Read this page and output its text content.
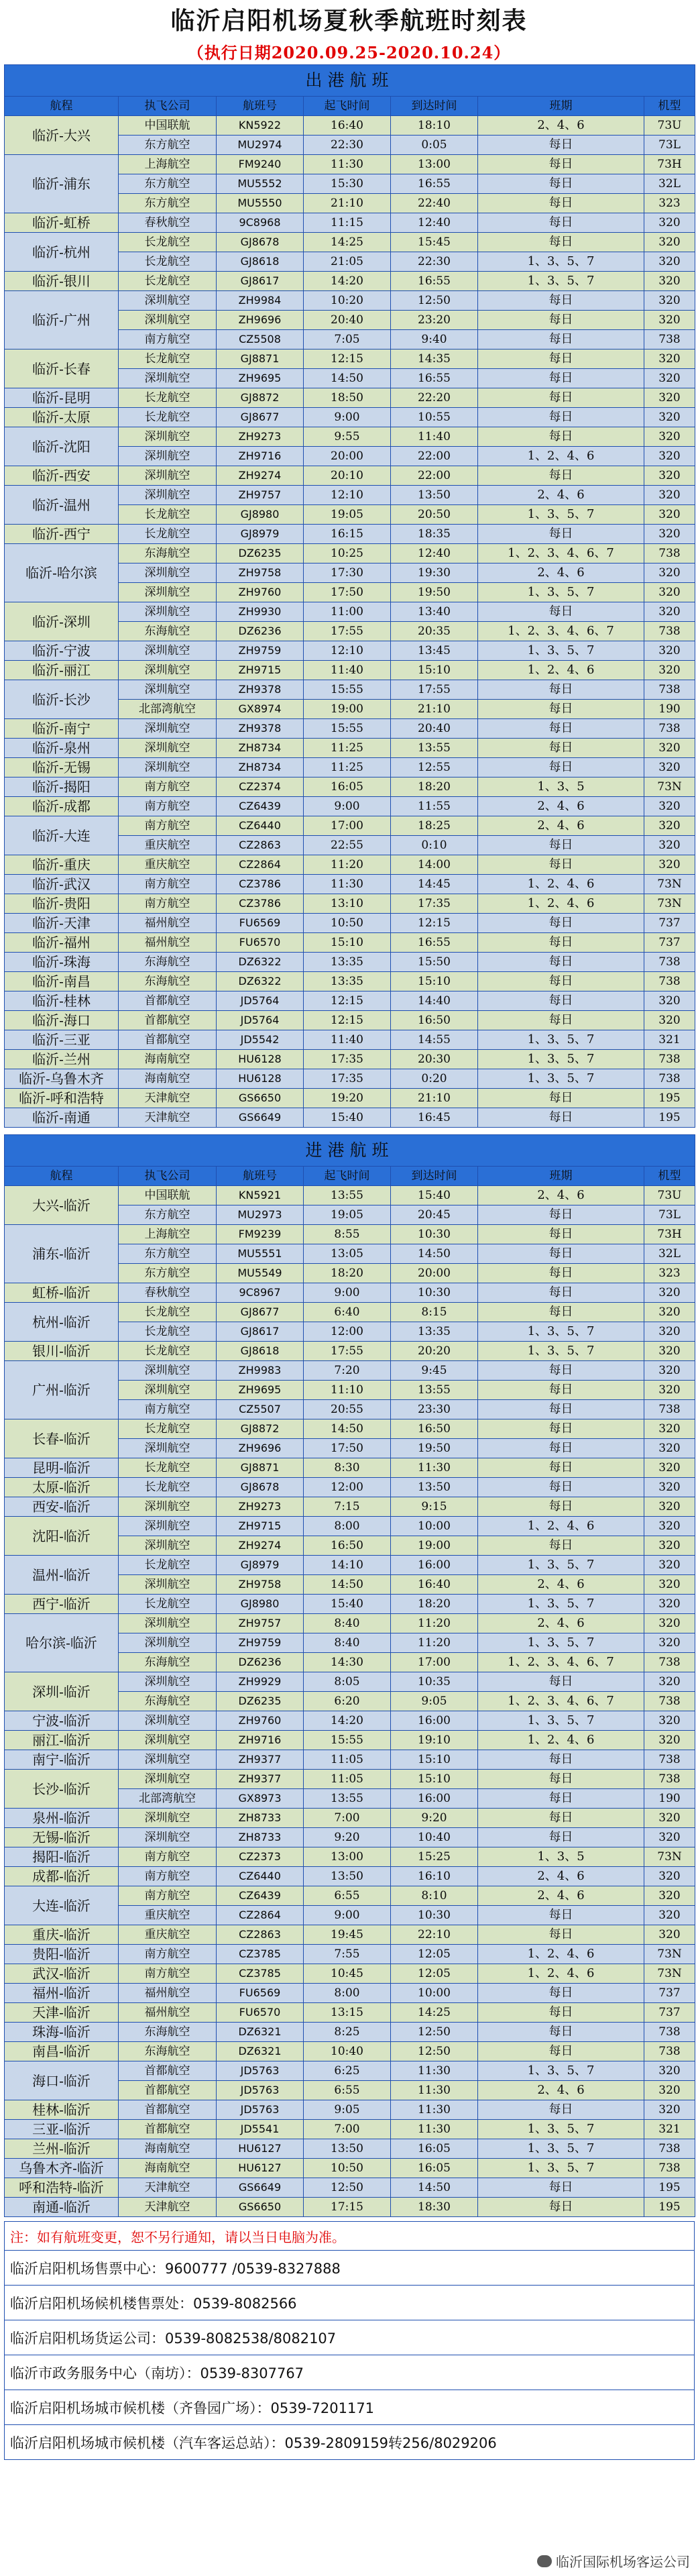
临沂启阳机场夏秋季航班时刻表
（执行日期2020.09.25-2020.10.24）
出港航班						
航程	执飞公司	航班号	起飞时间	到达时间	班期	机型
临沂-大兴	中国联航	KN5922	16:40	18:10	2、4、6	73U
	东方航空	MU2974	22:30	0:05	每日	73L
临沂-浦东	上海航空	FM9240	11:30	13:00	每日	73H
	东方航空	MU5552	15:30	16:55	每日	32L
	东方航空	MU5550	21:10	22:40	每日	323
临沂-虹桥	春秋航空	9C8968	11:15	12:40	每日	320
临沂-杭州	长龙航空	GJ8678	14:25	15:45	每日	320
	长龙航空	GJ8618	21:05	22:30	1、3、5、7	320
临沂-银川	长龙航空	GJ8617	14:20	16:55	1、3、5、7	320
临沂-广州	深圳航空	ZH9984	10:20	12:50	每日	320
	深圳航空	ZH9696	20:40	23:20	每日	320
	南方航空	CZ5508	7:05	9:40	每日	738
临沂-长春	长龙航空	GJ8871	12:15	14:35	每日	320
	深圳航空	ZH9695	14:50	16:55	每日	320
临沂-昆明	长龙航空	GJ8872	18:50	22:20	每日	320
临沂-太原	长龙航空	GJ8677	9:00	10:55	每日	320
临沂-沈阳	深圳航空	ZH9273	9:55	11:40	每日	320
	深圳航空	ZH9716	20:00	22:00	1、2、4、6	320
临沂-西安	深圳航空	ZH9274	20:10	22:00	每日	320
临沂-温州	深圳航空	ZH9757	12:10	13:50	2、4、6	320
	长龙航空	GJ8980	19:05	20:50	1、3、5、7	320
临沂-西宁	长龙航空	GJ8979	16:15	18:35	每日	320
临沂-哈尔滨	东海航空	DZ6235	10:25	12:40	1、2、3、4、6、7	738
	深圳航空	ZH9758	17:30	19:30	2、4、6	320
	深圳航空	ZH9760	17:50	19:50	1、3、5、7	320
临沂-深圳	深圳航空	ZH9930	11:00	13:40	每日	320
	东海航空	DZ6236	17:55	20:35	1、2、3、4、6、7	738
临沂-宁波	深圳航空	ZH9759	12:10	13:45	1、3、5、7	320
临沂-丽江	深圳航空	ZH9715	11:40	15:10	1、2、4、6	320
临沂-长沙	深圳航空	ZH9378	15:55	17:55	每日	738
	北部湾航空	GX8974	19:00	21:10	每日	190
临沂-南宁	深圳航空	ZH9378	15:55	20:40	每日	738
临沂-泉州	深圳航空	ZH8734	11:25	13:55	每日	320
临沂-无锡	深圳航空	ZH8734	11:25	12:55	每日	320
临沂-揭阳	南方航空	CZ2374	16:05	18:20	1、3、5	73N
临沂-成都	南方航空	CZ6439	9:00	11:55	2、4、6	320
临沂-大连	南方航空	CZ6440	17:00	18:25	2、4、6	320
	重庆航空	CZ2863	22:55	0:10	每日	320
临沂-重庆	重庆航空	CZ2864	11:20	14:00	每日	320
临沂-武汉	南方航空	CZ3786	11:30	14:45	1、2、4、6	73N
临沂-贵阳	南方航空	CZ3786	13:10	17:35	1、2、4、6	73N
临沂-天津	福州航空	FU6569	10:50	12:15	每日	737
临沂-福州	福州航空	FU6570	15:10	16:55	每日	737
临沂-珠海	东海航空	DZ6322	13:35	15:50	每日	738
临沂-南昌	东海航空	DZ6322	13:35	15:10	每日	738
临沂-桂林	首都航空	JD5764	12:15	14:40	每日	320
临沂-海口	首都航空	JD5764	12:15	16:50	每日	320
临沂-三亚	首都航空	JD5542	11:40	14:55	1、3、5、7	321
临沂-兰州	海南航空	HU6128	17:35	20:30	1、3、5、7	738
临沂-乌鲁木齐	海南航空	HU6128	17:35	0:20	1、3、5、7	738
临沂-呼和浩特	天津航空	GS6650	19:20	21:10	每日	195
临沂-南通	天津航空	GS6649	15:40	16:45	每日	195
进港航班						
航程	执飞公司	航班号	起飞时间	到达时间	班期	机型
大兴-临沂	中国联航	KN5921	13:55	15:40	2、4、6	73U
	东方航空	MU2973	19:05	20:45	每日	73L
浦东-临沂	上海航空	FM9239	8:55	10:30	每日	73H
	东方航空	MU5551	13:05	14:50	每日	32L
	东方航空	MU5549	18:20	20:00	每日	323
虹桥-临沂	春秋航空	9C8967	9:00	10:30	每日	320
杭州-临沂	长龙航空	GJ8677	6:40	8:15	每日	320
	长龙航空	GJ8617	12:00	13:35	1、3、5、7	320
银川-临沂	长龙航空	GJ8618	17:55	20:20	1、3、5、7	320
广州-临沂	深圳航空	ZH9983	7:20	9:45	每日	320
	深圳航空	ZH9695	11:10	13:55	每日	320
	南方航空	CZ5507	20:55	23:30	每日	738
长春-临沂	长龙航空	GJ8872	14:50	16:50	每日	320
	深圳航空	ZH9696	17:50	19:50	每日	320
昆明-临沂	长龙航空	GJ8871	8:30	11:30	每日	320
太原-临沂	长龙航空	GJ8678	12:00	13:50	每日	320
西安-临沂	深圳航空	ZH9273	7:15	9:15	每日	320
沈阳-临沂	深圳航空	ZH9715	8:00	10:00	1、2、4、6	320
	深圳航空	ZH9274	16:50	19:00	每日	320
温州-临沂	长龙航空	GJ8979	14:10	16:00	1、3、5、7	320
	深圳航空	ZH9758	14:50	16:40	2、4、6	320
西宁-临沂	长龙航空	GJ8980	15:40	18:20	1、3、5、7	320
哈尔滨-临沂	深圳航空	ZH9757	8:40	11:20	2、4、6	320
	深圳航空	ZH9759	8:40	11:20	1、3、5、7	320
	东海航空	DZ6236	14:30	17:00	1、2、3、4、6、7	738
深圳-临沂	深圳航空	ZH9929	8:05	10:35	每日	320
	东海航空	DZ6235	6:20	9:05	1、2、3、4、6、7	738
宁波-临沂	深圳航空	ZH9760	14:20	16:00	1、3、5、7	320
丽江-临沂	深圳航空	ZH9716	15:55	19:10	1、2、4、6	320
南宁-临沂	深圳航空	ZH9377	11:05	15:10	每日	738
长沙-临沂	深圳航空	ZH9377	11:05	15:10	每日	738
	北部湾航空	GX8973	13:55	16:00	每日	190
泉州-临沂	深圳航空	ZH8733	7:00	9:20	每日	320
无锡-临沂	深圳航空	ZH8733	9:20	10:40	每日	320
揭阳-临沂	南方航空	CZ2373	13:00	15:25	1、3、5	73N
成都-临沂	南方航空	CZ6440	13:50	16:10	2、4、6	320
大连-临沂	南方航空	CZ6439	6:55	8:10	2、4、6	320
	重庆航空	CZ2864	9:00	10:30	每日	320
重庆-临沂	重庆航空	CZ2863	19:45	22:10	每日	320
贵阳-临沂	南方航空	CZ3785	7:55	12:05	1、2、4、6	73N
武汉-临沂	南方航空	CZ3785	10:45	12:05	1、2、4、6	73N
福州-临沂	福州航空	FU6569	8:00	10:00	每日	737
天津-临沂	福州航空	FU6570	13:15	14:25	每日	737
珠海-临沂	东海航空	DZ6321	8:25	12:50	每日	738
南昌-临沂	东海航空	DZ6321	10:40	12:50	每日	738
海口-临沂	首都航空	JD5763	6:25	11:30	1、3、5、7	320
	首都航空	JD5763	6:55	11:30	2、4、6	320
桂林-临沂	首都航空	JD5763	9:05	11:30	每日	320
三亚-临沂	首都航空	JD5541	7:00	11:30	1、3、5、7	321
兰州-临沂	海南航空	HU6127	13:50	16:05	1、3、5、7	738
乌鲁木齐-临沂	海南航空	HU6127	10:50	16:05	1、3、5、7	738
呼和浩特-临沂	天津航空	GS6649	12:50	14:50	每日	195
南通-临沂	天津航空	GS6650	17:15	18:30	每日	195
注：如有航班变更，恕不另行通知，请以当日电脑为准。
临沂启阳机场售票中心：9600777 /0539-8327888
临沂启阳机场候机楼售票处：0539-8082566
临沂启阳机场货运公司：0539-8082538/8082107
临沂市政务服务中心（南坊）：0539-8307767
临沂启阳机场城市候机楼（齐鲁园广场）：0539-7201171
临沂启阳机场城市候机楼（汽车客运总站）：0539-2809159转256/8029206
临沂国际机场客运公司
